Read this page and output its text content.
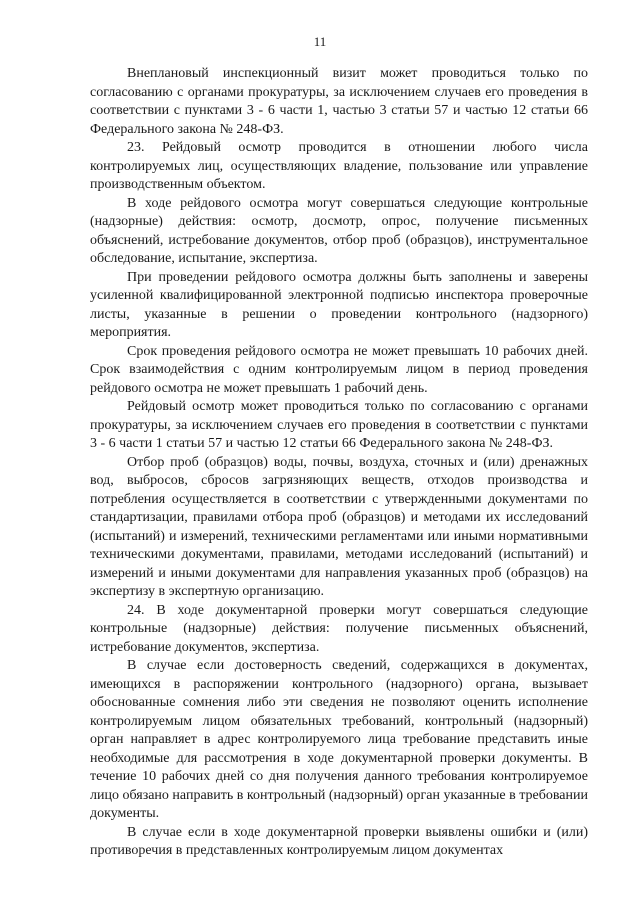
11

Внеплановый инспекционный визит может проводиться только по согласованию с органами прокуратуры, за исключением случаев его проведения в соответствии с пунктами 3 - 6 части 1, частью 3 статьи 57 и частью 12 статьи 66 Федерального закона № 248-ФЗ.

23. Рейдовый осмотр проводится в отношении любого числа контролируемых лиц, осуществляющих владение, пользование или управление производственным объектом.

В ходе рейдового осмотра могут совершаться следующие контрольные (надзорные) действия: осмотр, досмотр, опрос, получение письменных объяснений, истребование документов, отбор проб (образцов), инструментальное обследование, испытание, экспертиза.

При проведении рейдового осмотра должны быть заполнены и заверены усиленной квалифицированной электронной подписью инспектора проверочные листы, указанные в решении о проведении контрольного (надзорного) мероприятия.

Срок проведения рейдового осмотра не может превышать 10 рабочих дней. Срок взаимодействия с одним контролируемым лицом в период проведения рейдового осмотра не может превышать 1 рабочий день.

Рейдовый осмотр может проводиться только по согласованию с органами прокуратуры, за исключением случаев его проведения в соответствии с пунктами 3 - 6 части 1 статьи 57 и частью 12 статьи 66 Федерального закона № 248-ФЗ.

Отбор проб (образцов) воды, почвы, воздуха, сточных и (или) дренажных вод, выбросов, сбросов загрязняющих веществ, отходов производства и потребления осуществляется в соответствии с утвержденными документами по стандартизации, правилами отбора проб (образцов) и методами их исследований (испытаний) и измерений, техническими регламентами или иными нормативными техническими документами, правилами, методами исследований (испытаний) и измерений и иными документами для направления указанных проб (образцов) на экспертизу в экспертную организацию.

24. В ходе документарной проверки могут совершаться следующие контрольные (надзорные) действия: получение письменных объяснений, истребование документов, экспертиза.

В случае если достоверность сведений, содержащихся в документах, имеющихся в распоряжении контрольного (надзорного) органа, вызывает обоснованные сомнения либо эти сведения не позволяют оценить исполнение контролируемым лицом обязательных требований, контрольный (надзорный) орган направляет в адрес контролируемого лица требование представить иные необходимые для рассмотрения в ходе документарной проверки документы. В течение 10 рабочих дней со дня получения данного требования контролируемое лицо обязано направить в контрольный (надзорный) орган указанные в требовании документы.

В случае если в ходе документарной проверки выявлены ошибки и (или) противоречия в представленных контролируемым лицом документах
